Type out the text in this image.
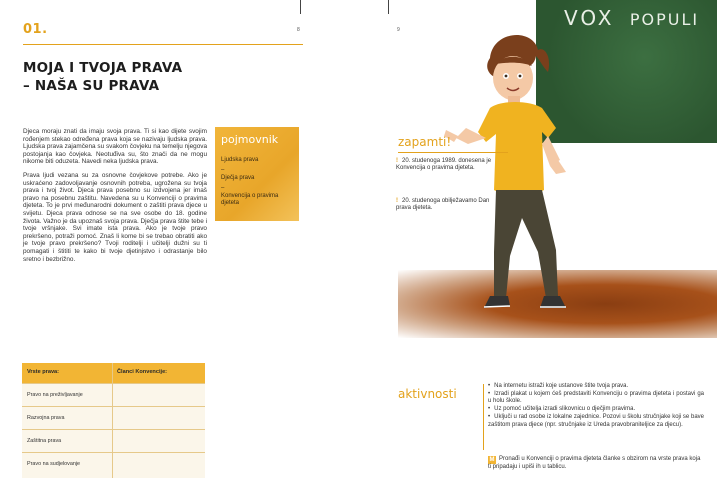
8
01.
MOJA I TVOJA PRAVA
– NAŠA SU PRAVA

Djeca moraju znati da imaju svoja prava. Ti si kao dijete svojim rođenjem stekao određena prava koja se nazivaju ljudska prava. Ljudska prava zajamčena su svakom čovjeku na temelju njegova postojanja kao čovjeka. Neotuđiva su, što znači da ne mogu nikome biti oduzeta. Navedi neka ljudska prava.

Prava ljudi vezana su za osnovne čovjekove potrebe. Ako je uskraćeno zadovoljavanje osnovnih potreba, ugrožena su tvoja prava i tvoj život. Djeca prava posebno su izdvojena jer imaš pravo na posebnu zaštitu. Navedena su u Konvenciji o pravima djeteta. To je prvi međunarodni dokument o zaštiti prava djece u svijetu. Djeca prava odnose se na sve osobe do 18. godine života. Važno je da upoznaš svoja prava. Dječja prava štite tebe i tvoje vršnjake. Svi imate ista prava. Ako je tvoje pravo prekršeno, potraži pomoć. Znaš li kome bi se trebao obratiti ako je tvoje pravo prekršeno? Tvoji roditelji i učitelji dužni su ti pomagati i štititi te kako bi tvoje djetinjstvo i odrastanje bilo sretno i bezbrižno.

pojmovnik
Ljudska prava
–
Dječja prava
–
Konvencija o pravima djeteta
Vrste prava:	Članci Konvencije:
Pravo na preživljavanje
Razvojna prava
Zaštitna prava
Pravo na sudjelovanje
9	VOX POPULI
zapamti!
! 20. studenoga 1989. donesena je Konvencija o pravima djeteta.
! 20. studenoga obilježavamo Dan prava djeteta.
aktivnosti
• Na internetu istraži koje ustanove štite tvoja prava.
• Izradi plakat u kojem ćeš predstaviti Konvenciju o pravima djeteta i postavi ga u holu škole.
• Uz pomoć učitelja izradi slikovnicu o dječjim pravima.
• Uključi u rad osobe iz lokalne zajednice. Pozovi u školu stručnjake koji se bave zaštitom prava djece (npr. stručnjake iz Ureda pravobraniteljice za djecu).
M Pronađi u Konvenciji o pravima djeteta članke s obzirom na vrste prava koja ti pripadaju i upiši ih u tablicu.
